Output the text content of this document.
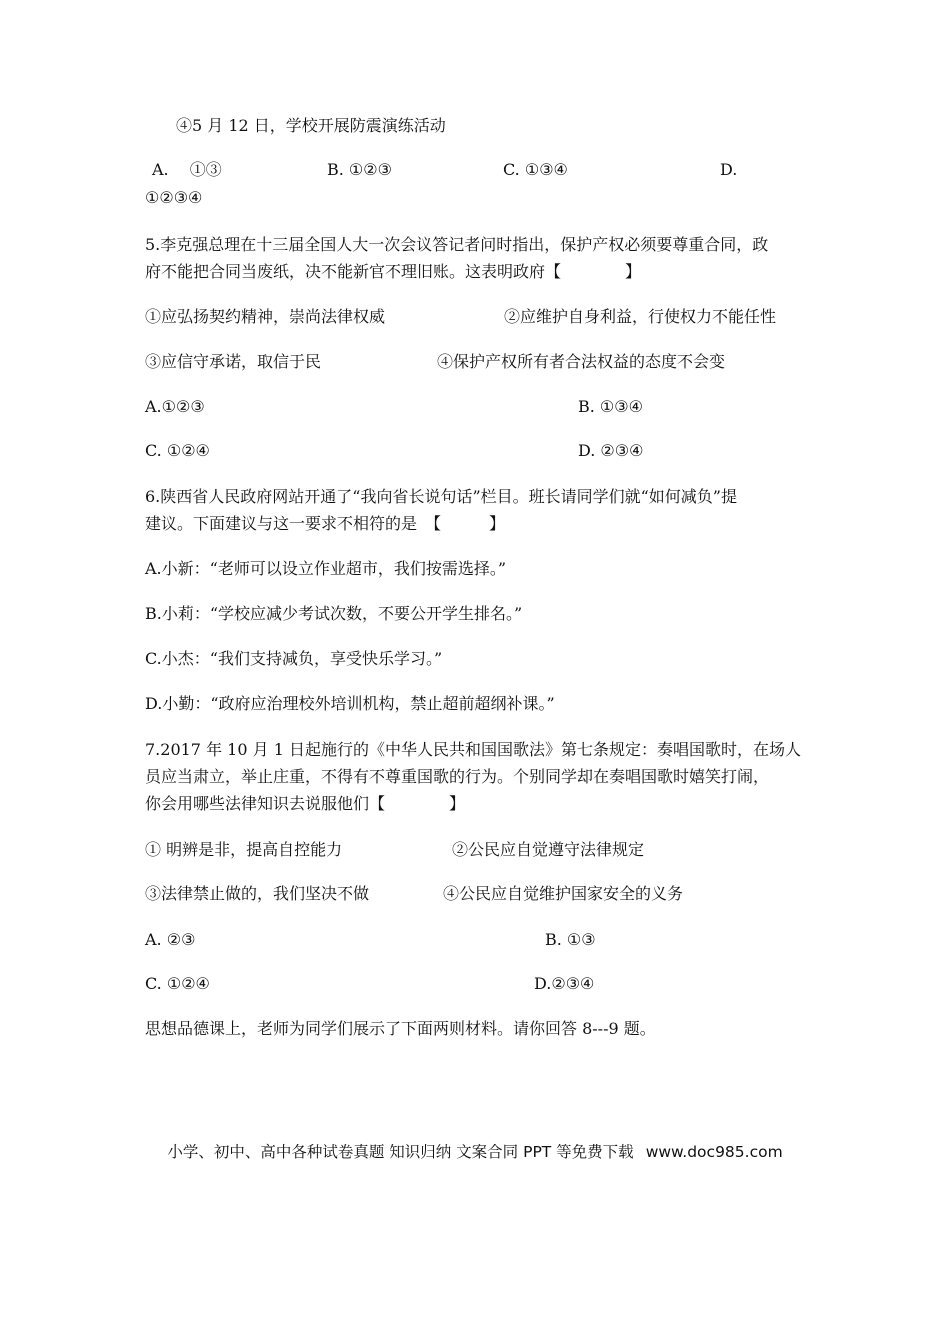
④5 月 12 日，学校开展防震演练活动
A.　 ①③	B. ①②③	C. ①③④	D.
①②③④
5.李克强总理在十三届全国人大一次会议答记者问时指出，保护产权必须要尊重合同，政
府不能把合同当废纸，决不能新官不理旧账。这表明政府【　　　　】
①应弘扬契约精神，崇尚法律权威	②应维护自身利益，行使权力不能任性
③应信守承诺，取信于民	④保护产权所有者合法权益的态度不会变
A.①②③	B. ①③④
C. ①②④	D. ②③④
6.陕西省人民政府网站开通了“我向省长说句话”栏目。班长请同学们就“如何减负”提
建议。下面建议与这一要求不相符的是　【　　　】
A.小新：“老师可以设立作业超市，我们按需选择。”
B.小莉：“学校应减少考试次数，不要公开学生排名。”
C.小杰：“我们支持减负，享受快乐学习。”
D.小勤：“政府应治理校外培训机构，禁止超前超纲补课。”
7.2017 年 10 月 1 日起施行的《中华人民共和国国歌法》第七条规定：奏唱国歌时，在场人
员应当肃立，举止庄重，不得有不尊重国歌的行为。个别同学却在奏唱国歌时嬉笑打闹，
你会用哪些法律知识去说服他们【　　　　】
① 明辨是非，提高自控能力	②公民应自觉遵守法律规定
③法律禁止做的，我们坚决不做	④公民应自觉维护国家安全的义务
A. ②③	B. ①③
C. ①②④	D.②③④
思想品德课上，老师为同学们展示了下面两则材料。请你回答 8---9 题。
小学、初中、高中各种试卷真题 知识归纳 文案合同 PPT 等免费下载 www.doc985.com
